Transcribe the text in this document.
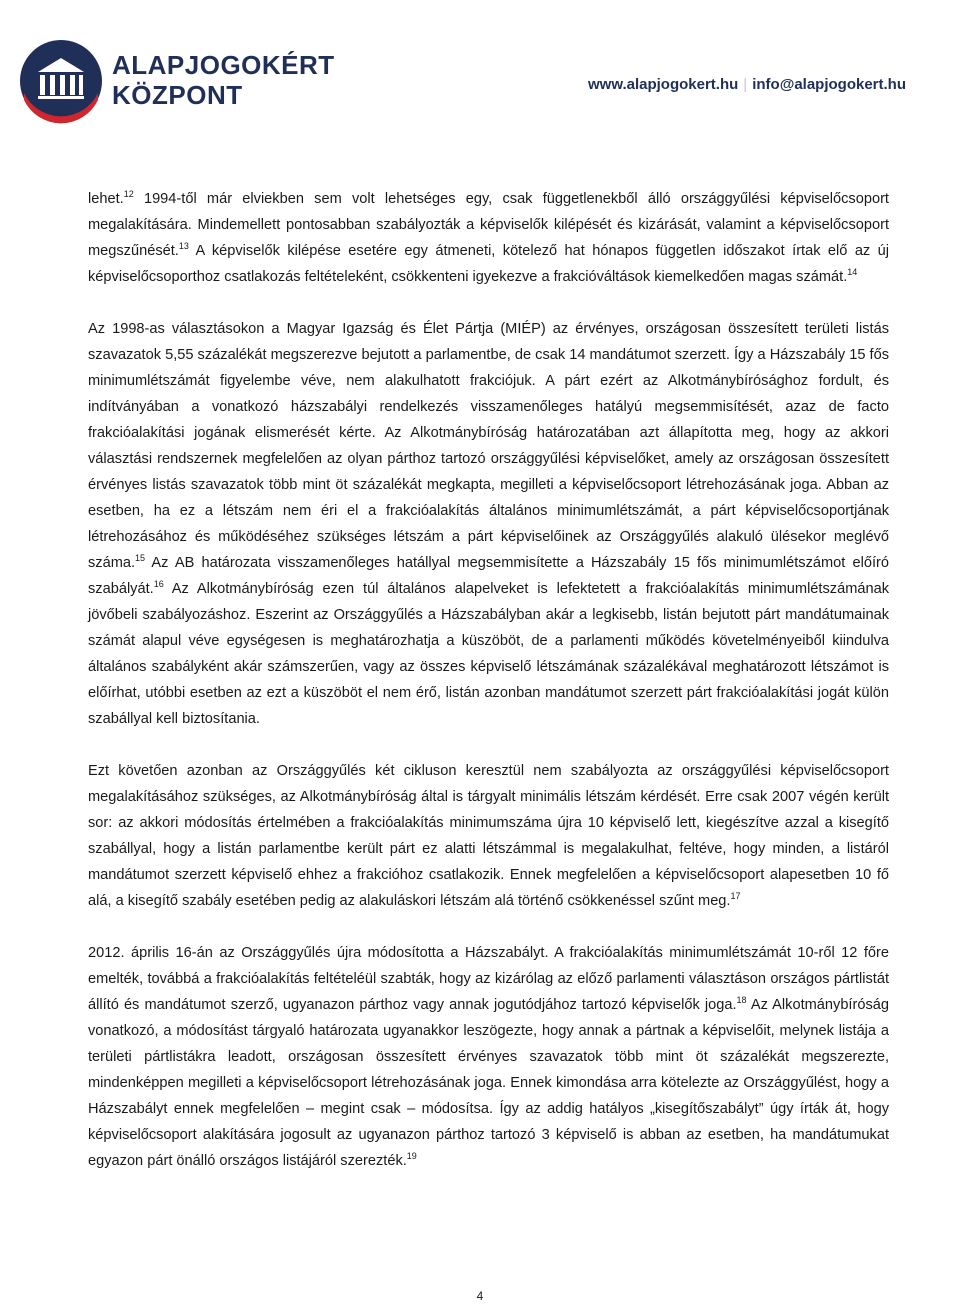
ALAPJOGOKÉRT
KÖZPONT	www.alapjogokert.hu | info@alapjogokert.hu

lehet.$^{12}$ 1994-től már elviekben sem volt lehetséges egy, csak függetlenekből álló országgyűlési képviselőcsoport megalakítására. Mindemellett pontosabban szabályozták a képviselők kilépését és kizárását, valamint a képviselőcsoport megszűnését.$^{13}$ A képviselők kilépése esetére egy átmeneti, kötelező hat hónapos független időszakot írtak elő az új képviselőcsoporthoz csatlakozás feltételeként, csökkenteni igyekezve a frakcióváltások kiemelkedően magas számát.$^{14}$

Az 1998-as választásokon a Magyar Igazság és Élet Pártja (MIÉP) az érvényes, országosan összesített területi listás szavazatok 5,55 százalékát megszerezve bejutott a parlamentbe, de csak 14 mandátumot szerzett. Így a Házszabály 15 fős minimumlétszámát figyelembe véve, nem alakulhatott frakciójuk. A párt ezért az Alkotmánybírósághoz fordult, és indítványában a vonatkozó házszabályi rendelkezés visszamenőleges hatályú megsemmisítését, azaz de facto frakcióalakítási jogának elismerését kérte. Az Alkotmánybíróság határozatában azt állapította meg, hogy az akkori választási rendszernek megfelelően az olyan párthoz tartozó országgyűlési képviselőket, amely az országosan összesített érvényes listás szavazatok több mint öt százalékát megkapta, megilleti a képviselőcsoport létrehozásának joga. Abban az esetben, ha ez a létszám nem éri el a frakcióalakítás általános minimumlétszámát, a párt képviselőcsoportjának létrehozásához és működéséhez szükséges létszám a párt képviselőinek az Országgyűlés alakuló ülésekor meglévő száma.$^{15}$ Az AB határozata visszamenőleges hatállyal megsemmisítette a Házszabály 15 fős minimumlétszámot előíró szabályát.$^{16}$ Az Alkotmánybíróság ezen túl általános alapelveket is lefektetett a frakcióalakítás minimumlétszámának jövőbeli szabályozáshoz. Eszerint az Országgyűlés a Házszabályban akár a legkisebb, listán bejutott párt mandátumainak számát alapul véve egységesen is meghatározhatja a küszöböt, de a parlamenti működés követelményeiből kiindulva általános szabályként akár számszerűen, vagy az összes képviselő létszámának százalékával meghatározott létszámot is előírhat, utóbbi esetben az ezt a küszöböt el nem érő, listán azonban mandátumot szerzett párt frakcióalakítási jogát külön szabállyal kell biztosítania.

Ezt követően azonban az Országgyűlés két cikluson keresztül nem szabályozta az országgyűlési képviselőcsoport megalakításához szükséges, az Alkotmánybíróság által is tárgyalt minimális létszám kérdését. Erre csak 2007 végén került sor: az akkori módosítás értelmében a frakcióalakítás minimumszáma újra 10 képviselő lett, kiegészítve azzal a kisegítő szabállyal, hogy a listán parlamentbe került párt ez alatti létszámmal is megalakulhat, feltéve, hogy minden, a listáról mandátumot szerzett képviselő ehhez a frakcióhoz csatlakozik. Ennek megfelelően a képviselőcsoport alapesetben 10 fő alá, a kisegítő szabály esetében pedig az alakuláskori létszám alá történő csökkenéssel szűnt meg.$^{17}$

2012. április 16-án az Országgyűlés újra módosította a Házszabályt. A frakcióalakítás minimumlétszámát 10-ről 12 főre emelték, továbbá a frakcióalakítás feltételéül szabták, hogy az kizárólag az előző parlamenti választáson országos pártlistát állító és mandátumot szerző, ugyanazon párthoz vagy annak jogutódjához tartozó képviselők joga.$^{18}$ Az Alkotmánybíróság vonatkozó, a módosítást tárgyaló határozata ugyanakkor leszögezte, hogy annak a pártnak a képviselőit, melynek listája a területi pártlistákra leadott, országosan összesített érvényes szavazatok több mint öt százalékát megszerezte, mindenképpen megilleti a képviselőcsoport létrehozásának joga. Ennek kimondása arra kötelezte az Országgyűlést, hogy a Házszabályt ennek megfelelően – megint csak – módosítsa. Így az addig hatályos „kisegítőszabályt” úgy írták át, hogy képviselőcsoport alakítására jogosult az ugyanazon párthoz tartozó 3 képviselő is abban az esetben, ha mandátumukat egyazon párt önálló országos listájáról szerezték.$^{19}$

4
